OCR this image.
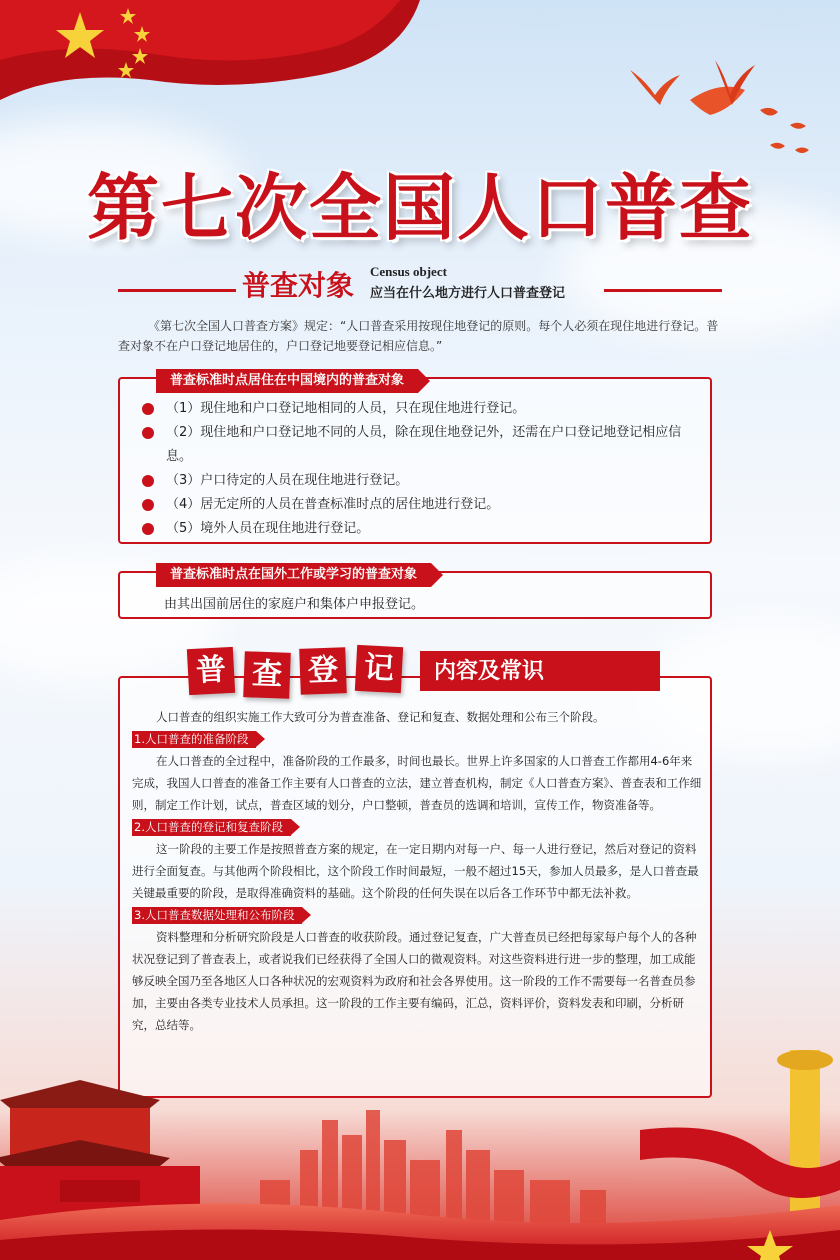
第七次全国人口普查
普查对象 Census object
应当在什么地方进行人口普查登记

《第七次全国人口普查方案》规定：“人口普查采用按现住地登记的原则。每个人必须在现住地进行登记。普查对象不在户口登记地居住的，户口登记地要登记相应信息。”

普查标准时点居住在中国境内的普查对象
（1）现住地和户口登记地相同的人员，只在现住地进行登记。
（2）现住地和户口登记地不同的人员，除在现住地登记外，还需在户口登记地登记相应信息。
（3）户口待定的人员在现住地进行登记。
（4）居无定所的人员在普查标准时点的居住地进行登记。
（5）境外人员在现住地进行登记。
普查标准时点在国外工作或学习的普查对象
由其出国前居住的家庭户和集体户申报登记。
普 查 登 记	内容及常识

人口普查的组织实施工作大致可分为普查准备、登记和复查、数据处理和公布三个阶段。

1.人口普查的准备阶段

在人口普查的全过程中，准备阶段的工作最多，时间也最长。世界上许多国家的人口普查工作都用4-6年来完成，我国人口普查的准备工作主要有人口普查的立法，建立普查机构，制定《人口普查方案》、普查表和工作细则，制定工作计划，试点，普查区域的划分，户口整顿，普查员的选调和培训，宣传工作，物资准备等。

2.人口普查的登记和复查阶段

这一阶段的主要工作是按照普查方案的规定，在一定日期内对每一户、每一人进行登记，然后对登记的资料进行全面复查。与其他两个阶段相比，这个阶段工作时间最短，一般不超过15天，参加人员最多，是人口普查最关键最重要的阶段，是取得准确资料的基础。这个阶段的任何失误在以后各工作环节中都无法补救。

3.人口普查数据处理和公布阶段

资料整理和分析研究阶段是人口普查的收获阶段。通过登记复查，广大普查员已经把每家每户每个人的各种状况登记到了普查表上，或者说我们已经获得了全国人口的微观资料。对这些资料进行进一步的整理，加工成能够反映全国乃至各地区人口各种状况的宏观资料为政府和社会各界使用。这一阶段的工作不需要每一名普查员参加，主要由各类专业技术人员承担。这一阶段的工作主要有编码，汇总，资料评价，资料发表和印刷，分析研究，总结等。
